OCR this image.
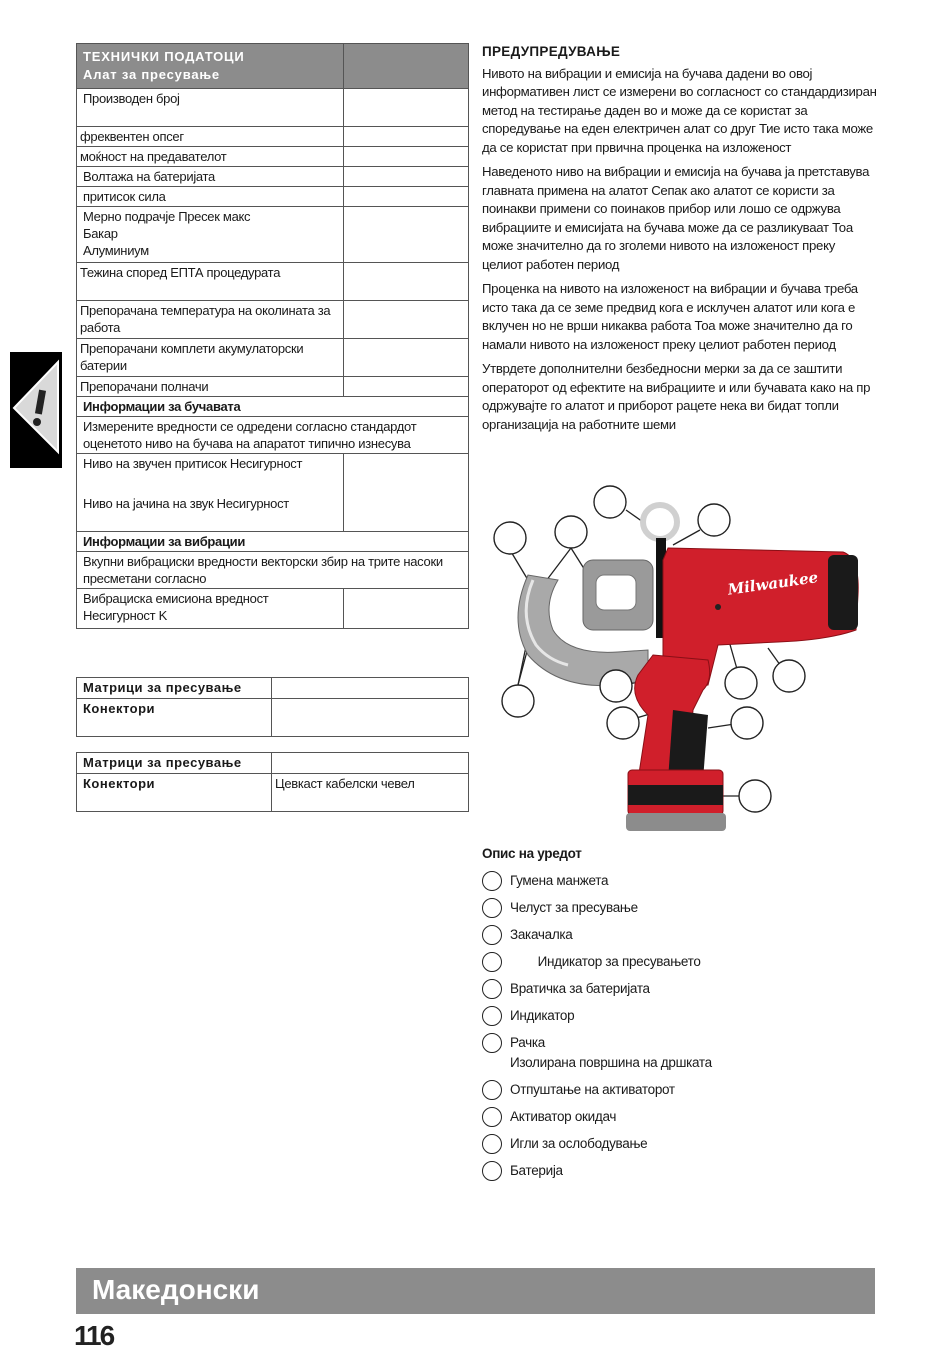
ТЕХНИЧКИ ПОДАТОЦИ
Алат за пресување	

Производен број	
фреквентен опсег	
моќност на предавателот	
Волтажа на батеријата	
притисок сила	

Мерно подрачје Пресек макс
Бакар
Алуминиум	

Тежина според ЕПТА процедурата	
Препорачана температура на околината за работа	
Препорачани комплети акумулаторски батерии	
Препорачани полначи	
Информации за бучавата	
Измерените вредности се одредени согласно стандардот оценетото ниво на бучава на апаратот типично изнесува	

Ниво на звучен притисок Несигурност
Ниво на јачина на звук Несигурност	

Информации за вибрации	
Вкупни вибрациски вредности векторски збир на трите насоки пресметани согласно	

Вибрациска емисиона вредност
Несигурност K	

Матрици за пресување	
Конектори	
Матрици за пресување	
Конектори	Цевкаст кабелски чевел
ПРЕДУПРЕДУВАЊЕ

Нивото на вибрации и емисија на бучава дадени во овој информативен лист се измерени во согласност со стандардизиран метод на тестирање даден во и може да се користат за споредување на еден електричен алат со друг Тие исто така може да се користат при првична проценка на изложеност

Наведеното ниво на вибрации и емисија на бучава ја претставува главната примена на алатот Сепак ако алатот се користи за поинакви примени со поинаков прибор или лошо се одржува вибрациите и емисијата на бучава може да се разликуваат Тоа може значително да го зголеми нивото на изложеност преку целиот работен период

Проценка на нивото на изложеност на вибрации и бучава треба исто така да се земе предвид кога е исклучен алатот или кога е вклучен но не врши никаква работа Тоа може значително да го намали нивото на изложеност преку целиот работен период

Утврдете дополнителни безбедносни мерки за да се заштити операторот од ефектите на вибрациите и или бучавата како на пр одржувајте го алатот и приборот рацете нека ви бидат топли организација на работните шеми

Milwaukee
Опис на уредот
Гумена манжета
Челуст за пресување
Закачалка
Индикатор за пресувањето
Вратичка за батеријата
Индикатор
Рачка
Изолирана површина на дршката
Отпуштање на активаторот
Активатор окидач
Игли за ослободување
Батерија
Македонски
116
